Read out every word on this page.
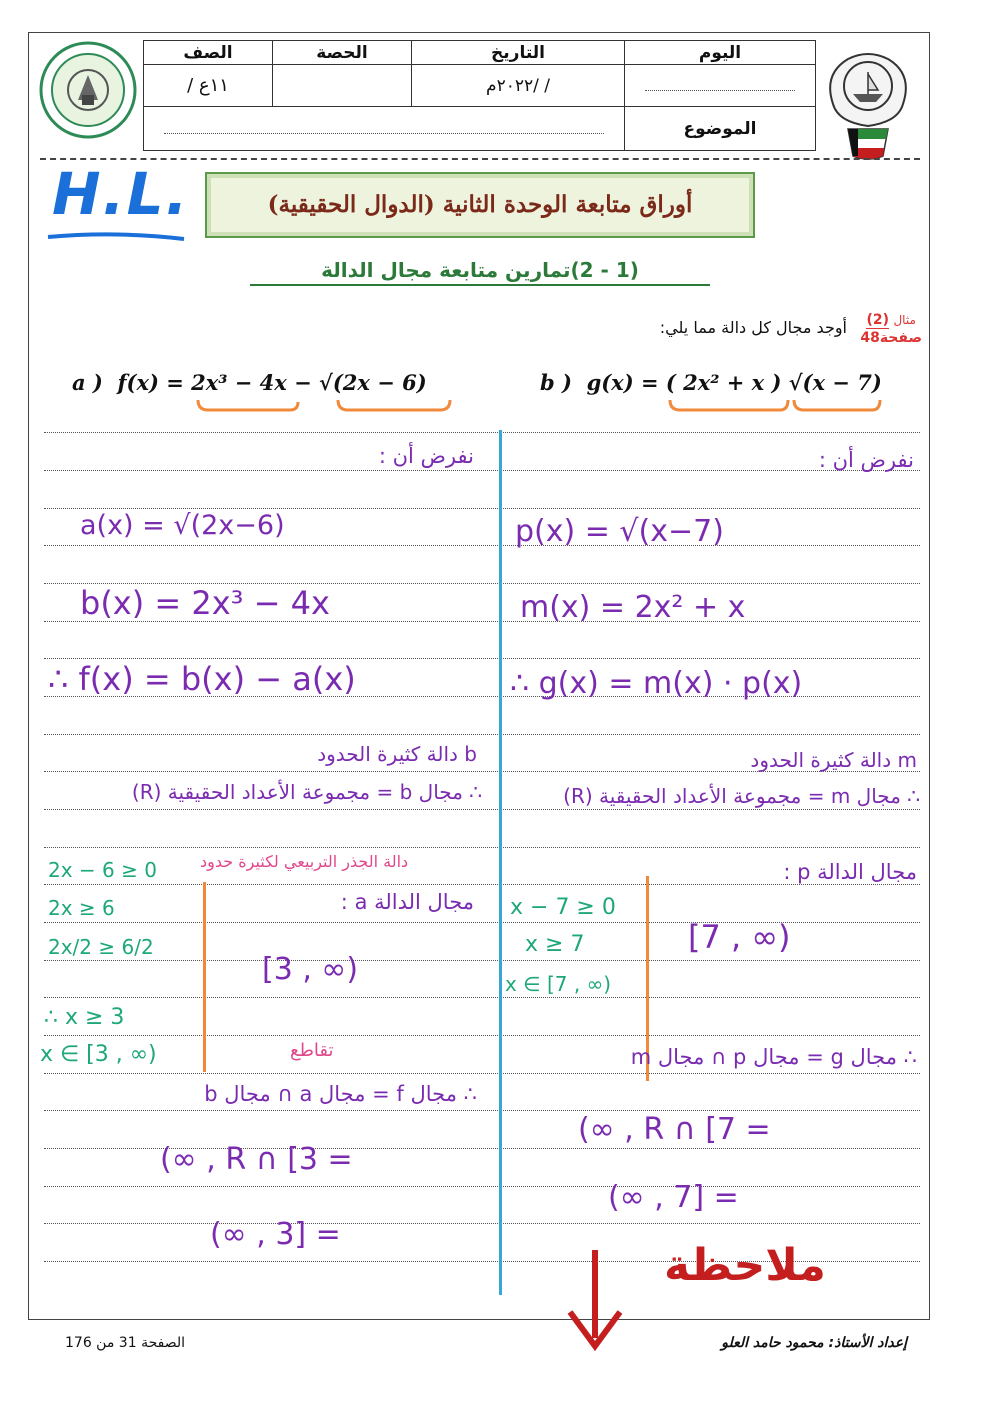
الصف	الحصة	التاريخ	اليوم
١١ع /		/ /٢٠٢٢م	
			الموضوع
H.L.	أوراق متابعة الوحدة الثانية (الدوال الحقيقية)
(1 - 2)تمارين متابعة مجال الدالة
مثال (2)
صفحة48
أوجد مجال كل دالة مما يلي:
a ) f(x) = 2x³ − 4x − √(2x − 6)	b ) g(x) = ( 2x² + x ) √(x − 7)
نفرض أن :
a(x) = √(2x−6)
b(x) = 2x³ − 4x
∴ f(x) = b(x) − a(x)
b دالة كثيرة الحدود
∴ مجال b = مجموعة الأعداد الحقيقية (R)
دالة الجذر التربيعي لكثيرة حدود
مجال الدالة a :
[3 , ∞)
2x − 6 ≥ 0
2x ≥ 6
2x/2 ≥ 6/2
∴ x ≥ 3
x ∈ [3 , ∞)	تقاطع
∴ مجال f = مجال a ∩ مجال b
= R ∩ [3 , ∞)
= [3 , ∞)
نفرض أن :
p(x) = √(x−7)
m(x) = 2x² + x
∴ g(x) = m(x) · p(x)
m دالة كثيرة الحدود
∴ مجال m = مجموعة الأعداد الحقيقية (R)
مجال الدالة p :
[7 , ∞)
x − 7 ≥ 0
x ≥ 7
x ∈ [7 , ∞)
∴ مجال g = مجال p ∩ مجال m
= R ∩ [7 , ∞)
= [7 , ∞)
ملاحظة
الصفحة 31 من 176	إعداد الأستاذ: محمود حامد العلو
